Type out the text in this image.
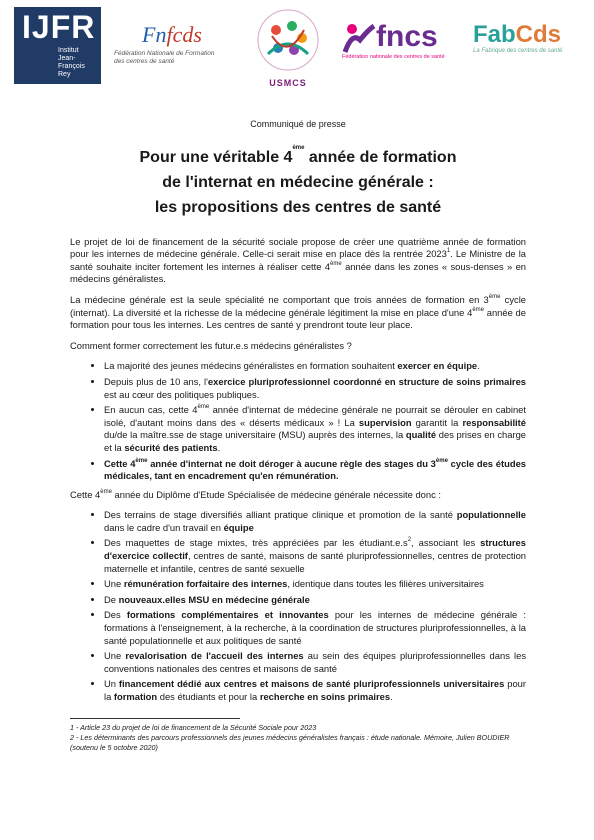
IJFR
Institut
Jean-François
Rey
Fnfcds
Fédération Nationale de Formation
des centres de santé
USMCS
fncs
Fédération nationale des centres de santé
FabCds
La Fabrique des centres de santé
Communiqué de presse
Pour une véritable 4ème année de formation
de l'internat en médecine générale :
les propositions des centres de santé

Le projet de loi de financement de la sécurité sociale propose de créer une quatrième année de formation pour les internes de médecine générale. Celle-ci serait mise en place dès la rentrée 2023$^1$. Le Ministre de la santé souhaite inciter fortement les internes à réaliser cette 4ème année dans les zones « sous-denses » en médecins généralistes.

La médecine générale est la seule spécialité ne comportant que trois années de formation en 3ème cycle (internat). La diversité et la richesse de la médecine générale légitiment la mise en place d'une 4ème année de formation pour tous les internes. Les centres de santé y prendront toute leur place.

Comment former correctement les futur.e.s médecins généralistes ?

• La majorité des jeunes médecins généralistes en formation souhaitent exercer en équipe.
• Depuis plus de 10 ans, l'exercice pluriprofessionnel coordonné en structure de soins primaires est au cœur des politiques publiques.
• En aucun cas, cette 4ème année d'internat de médecine générale ne pourrait se dérouler en cabinet isolé, d'autant moins dans des « déserts médicaux » ! La supervision garantit la responsabilité du/de la maître.sse de stage universitaire (MSU) auprès des internes, la qualité des prises en charge et la sécurité des patients.
• Cette 4ème année d'internat ne doit déroger à aucune règle des stages du 3ème cycle des études médicales, tant en encadrement qu'en rémunération.

Cette 4ème année du Diplôme d'Etude Spécialisée de médecine générale nécessite donc :

• Des terrains de stage diversifiés alliant pratique clinique et promotion de la santé populationnelle dans le cadre d'un travail en équipe
• Des maquettes de stage mixtes, très appréciées par les $étudiant.e.s^2$, associant les structures d'exercice collectif, centres de santé, maisons de santé pluriprofessionnelles, centres de protection maternelle et infantile, centres de santé sexuelle
• Une rémunération forfaitaire des internes, identique dans toutes les filières universitaires
• De nouveaux.elles MSU en médecine générale
• Des formations complémentaires et innovantes pour les internes de médecine générale : formations à l'enseignement, à la recherche, à la coordination de structures pluriprofessionnelles, à la santé populationnelle et aux politiques de santé
• Une revalorisation de l'accueil des internes au sein des équipes pluriprofessionnelles dans les conventions nationales des centres et maisons de santé
• Un financement dédié aux centres et maisons de santé pluriprofessionnels universitaires pour la formation des étudiants et pour la recherche en soins primaires.
1 - Article 23 du projet de loi de financement de la Sécurité Sociale pour 2023
2 - Les déterminants des parcours professionnels des jeunes médecins généralistes français : étude nationale. Mémoire, Julien BOUDIER (soutenu le 5 octobre 2020)
